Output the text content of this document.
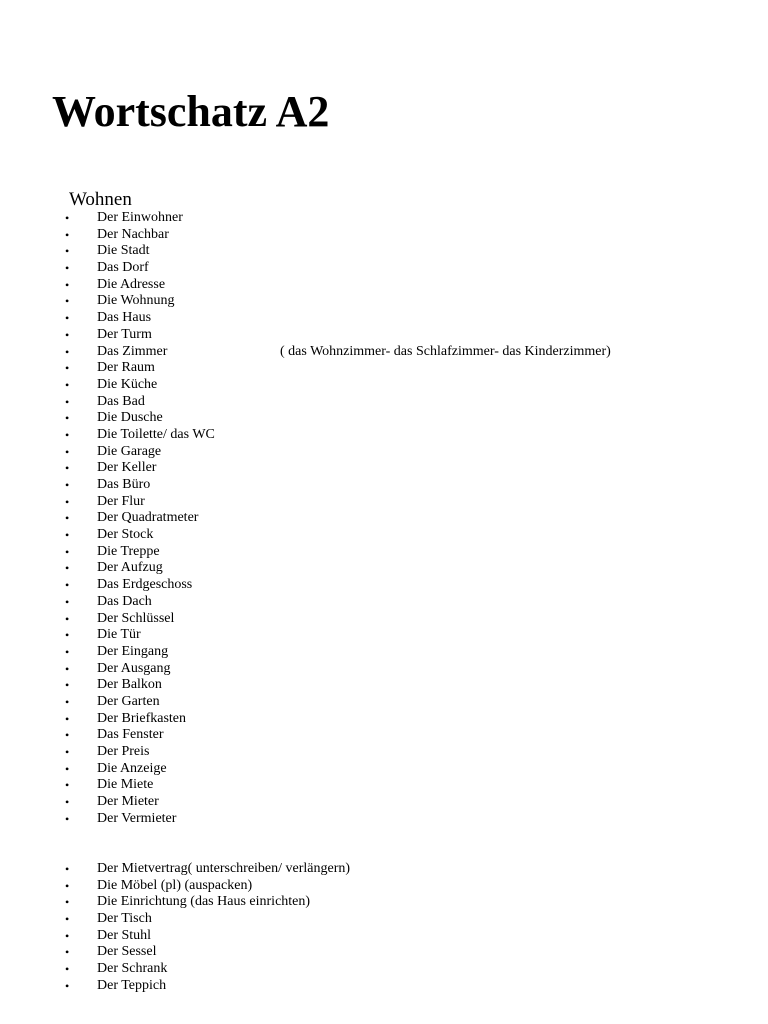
Wortschatz A2
Wohnen
• Der Einwohner
• Der Nachbar
• Die Stadt
• Das Dorf
• Die Adresse
• Die Wohnung
• Das Haus
• Der Turm
• Das Zimmer	( das Wohnzimmer- das Schlafzimmer- das Kinderzimmer)
• Der Raum
• Die Küche
• Das Bad
• Die Dusche
• Die Toilette/ das WC
• Die Garage
• Der Keller
• Das Büro
• Der Flur
• Der Quadratmeter
• Der Stock
• Die Treppe
• Der Aufzug
• Das Erdgeschoss
• Das Dach
• Der Schlüssel
• Die Tür
• Der Eingang
• Der Ausgang
• Der Balkon
• Der Garten
• Der Briefkasten
• Das Fenster
• Der Preis
• Die Anzeige
• Die Miete
• Der Mieter
• Der Vermieter
• Der Mietvertrag( unterschreiben/ verlängern)
• Die Möbel (pl) (auspacken)
• Die Einrichtung (das Haus einrichten)
• Der Tisch
• Der Stuhl
• Der Sessel
• Der Schrank
• Der Teppich
